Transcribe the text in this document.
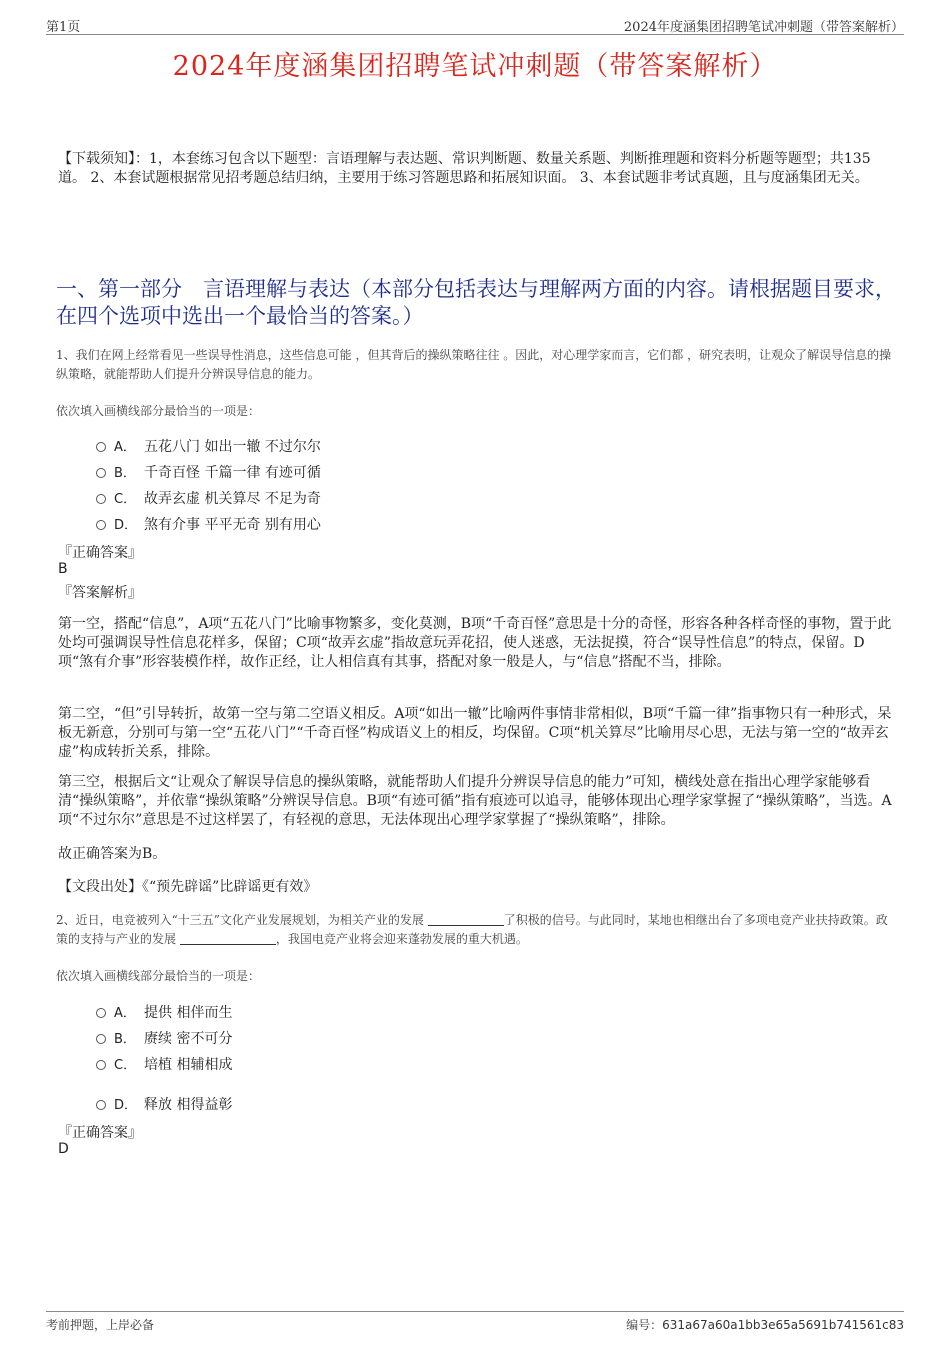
第1页	2024年度涵集团招聘笔试冲刺题（带答案解析）
2024年度涵集团招聘笔试冲刺题（带答案解析）
【下载须知】：1，本套练习包含以下题型：言语理解与表达题、常识判断题、数量关系题、判断推理题和资料分析题等题型；共135道。 2、本套试题根据常见招考题总结归纳，主要用于练习答题思路和拓展知识面。 3、本套试题非考试真题，且与度涵集团无关。
一、第一部分　言语理解与表达（本部分包括表达与理解两方面的内容。请根据题目要求，在四个选项中选出一个最恰当的答案。）
1、我们在网上经常看见一些误导性消息，这些信息可能 ，但其背后的操纵策略往往 。因此，对心理学家而言，它们都 ，研究表明，让观众了解误导信息的操纵策略，就能帮助人们提升分辨误导信息的能力。
依次填入画横线部分最恰当的一项是：
A． 五花八门 如出一辙 不过尔尔
B． 千奇百怪 千篇一律 有迹可循
C． 故弄玄虚 机关算尽 不足为奇
D． 煞有介事 平平无奇 别有用心
『正确答案』
B
『答案解析』
第一空，搭配“信息”，A项“五花八门”比喻事物繁多，变化莫测，B项“千奇百怪”意思是十分的奇怪，形容各种各样奇怪的事物，置于此处均可强调误导性信息花样多，保留；C项“故弄玄虚”指故意玩弄花招，使人迷惑，无法捉摸，符合“误导性信息”的特点，保留。D项“煞有介事”形容装模作样，故作正经，让人相信真有其事，搭配对象一般是人，与“信息”搭配不当，排除。
第二空，“但”引导转折，故第一空与第二空语义相反。A项“如出一辙”比喻两件事情非常相似，B项“千篇一律”指事物只有一种形式，呆板无新意，分别可与第一空“五花八门”“千奇百怪”构成语义上的相反，均保留。C项“机关算尽”比喻用尽心思，无法与第一空的“故弄玄虚”构成转折关系，排除。
第三空，根据后文“让观众了解误导信息的操纵策略，就能帮助人们提升分辨误导信息的能力”可知，横线处意在指出心理学家能够看清“操纵策略”，并依靠“操纵策略”分辨误导信息。B项“有迹可循”指有痕迹可以追寻，能够体现出心理学家掌握了“操纵策略”，当选。A项“不过尔尔”意思是不过这样罢了，有轻视的意思，无法体现出心理学家掌握了“操纵策略”，排除。
故正确答案为B。
【文段出处】《“预先辟谣”比辟谣更有效》
2、近日，电竞被列入“十三五”文化产业发展规划，为相关产业的发展	了积极的信号。与此同时，某地也相继出台了多项电竞产业扶持政策。政策的支持与产业的发展	，我国电竞产业将会迎来蓬勃发展的重大机遇。
依次填入画横线部分最恰当的一项是：
A． 提供 相伴而生
B． 赓续 密不可分
C． 培植 相辅相成
D． 释放 相得益彰
『正确答案』
D
考前押题，上岸必备	编号：631a67a60a1bb3e65a5691b741561c83
